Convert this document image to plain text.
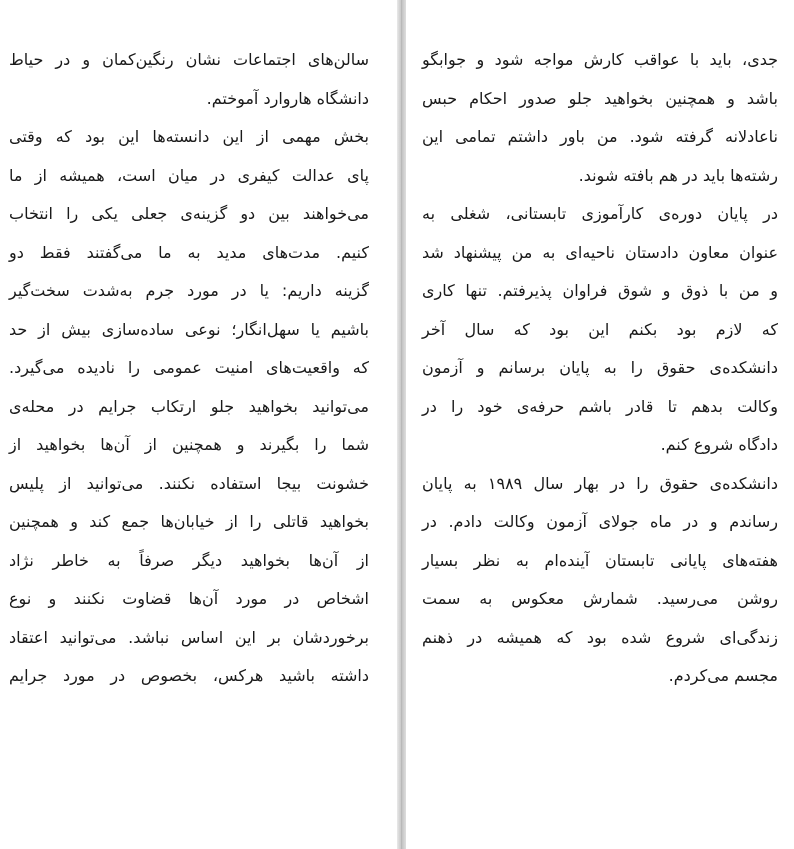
سالن‌های اجتماعات نشان رنگین‌کمان و در حیاط
دانشگاه هاروارد آموختم.
بخش مهمی از این دانسته‌ها این بود که وقتی
پای عدالت کیفری در میان است، همیشه از ما
می‌خواهند بین دو گزینه‌ی جعلی یکی را انتخاب
کنیم. مدت‌های مدید به ما می‌گفتند فقط دو
گزینه داریم: یا در مورد جرم به‌شدت سخت‌گیر
باشیم یا سهل‌انگار؛ نوعی ساده‌سازی بیش از حد
که واقعیت‌های امنیت عمومی را نادیده می‌گیرد.
می‌توانید بخواهید جلو ارتکاب جرایم در محله‌ی
شما را بگیرند و همچنین از آن‌ها بخواهید از
خشونت بیجا استفاده نکنند. می‌توانید از پلیس
بخواهید قاتلی را از خیابان‌ها جمع کند و همچنین
از آن‌ها بخواهید دیگر صرفاً به خاطر نژاد
اشخاص در مورد آن‌ها قضاوت نکنند و نوع
برخوردشان بر این اساس نباشد. می‌توانید اعتقاد
داشته باشید هرکس، بخصوص در مورد جرایم
جدی، باید با عواقب کارش مواجه شود و جوابگو
باشد و همچنین بخواهید جلو صدور احکام حبس
ناعادلانه گرفته شود. من باور داشتم تمامی این
رشته‌ها باید در هم بافته شوند.
در پایان دوره‌ی کارآموزی تابستانی، شغلی به
عنوان معاون دادستان ناحیه‌ای به من پیشنهاد شد
و من با ذوق و شوق فراوان پذیرفتم. تنها کاری
که لازم بود بکنم این بود که سال آخر
دانشکده‌ی حقوق را به پایان برسانم و آزمون
وکالت بدهم تا قادر باشم حرفه‌ی خود را در
دادگاه شروع کنم.
دانشکده‌ی حقوق را در بهار سال ۱۹۸۹ به پایان
رساندم و در ماه جولای آزمون وکالت دادم. در
هفته‌های پایانی تابستان آینده‌ام به نظر بسیار
روشن می‌رسید. شمارش معکوس به سمت
زندگی‌ای شروع شده بود که همیشه در ذهنم
مجسم می‌کردم.
